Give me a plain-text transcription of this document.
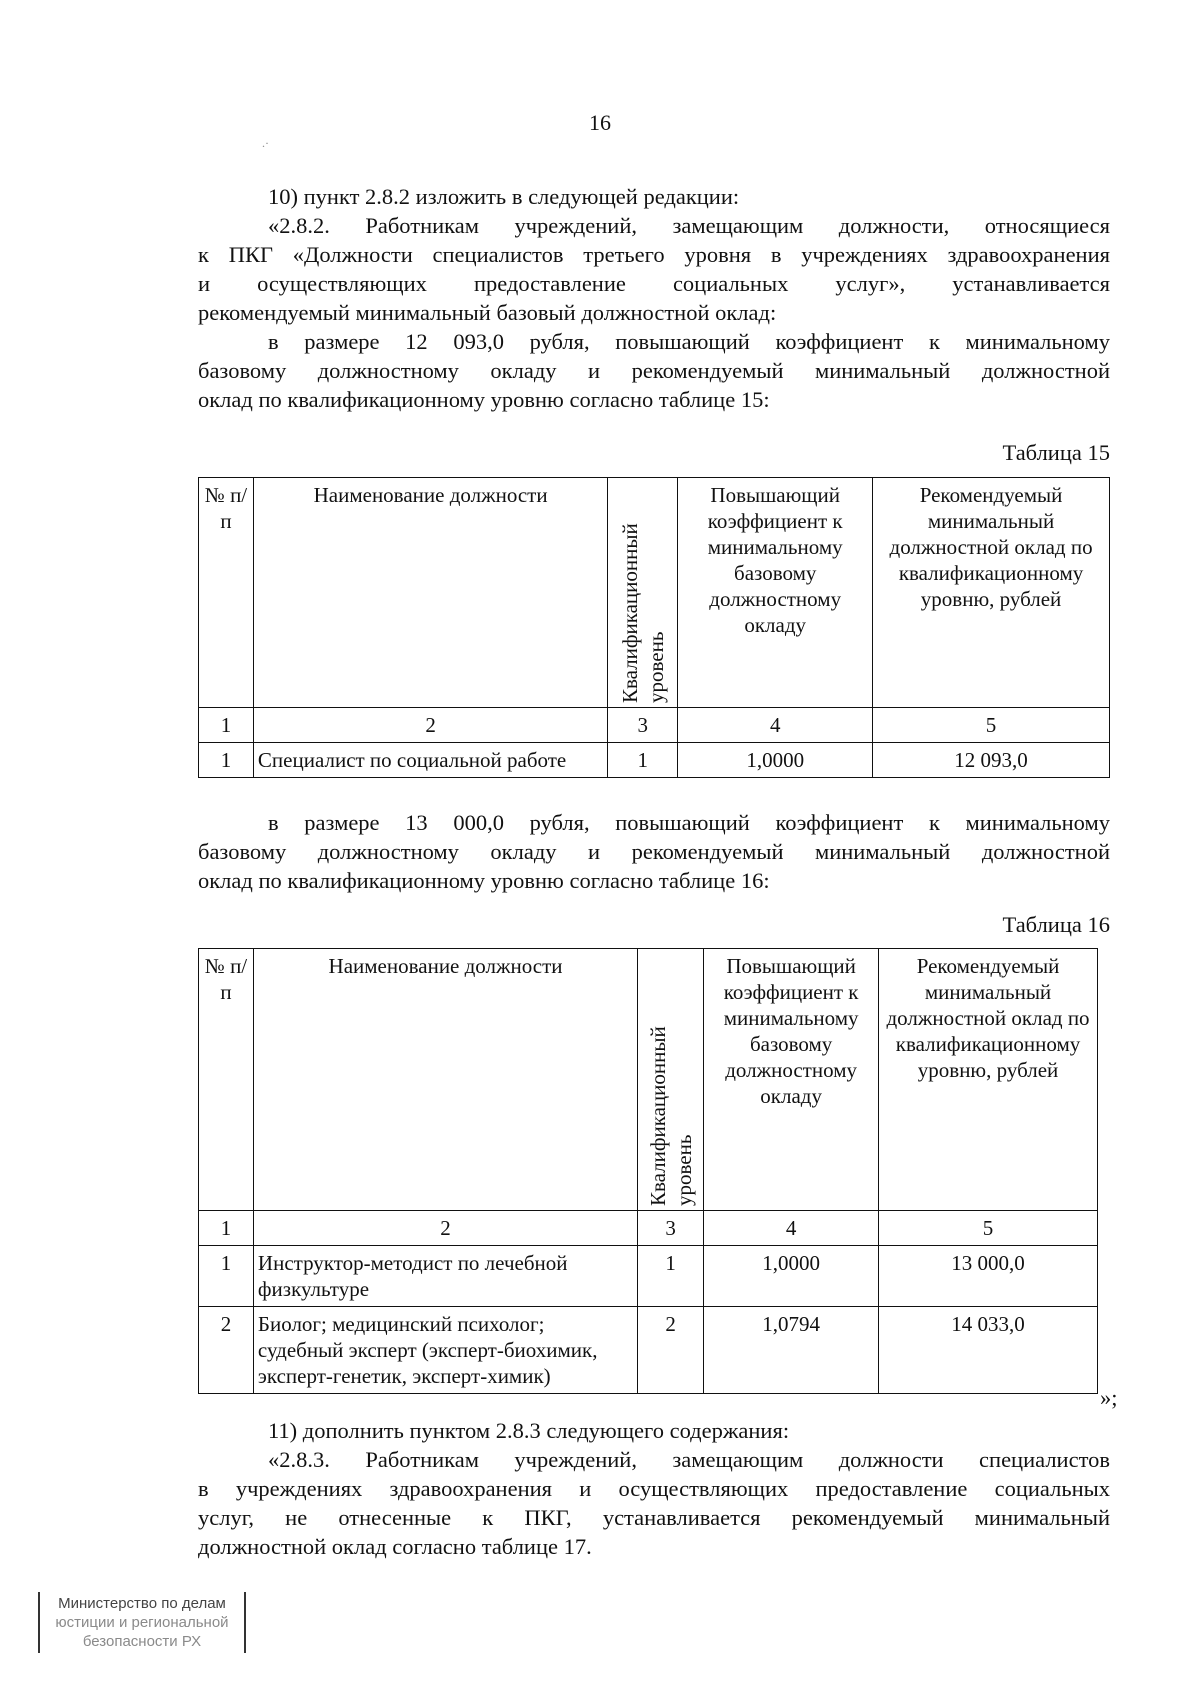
16
.·

10) пункт 2.8.2 изложить в следующей редакции:

«2.8.2. Работникам учреждений, замещающим должности, относящиеся

к ПКГ «Должности специалистов третьего уровня в учреждениях здравоохранения

и осуществляющих предоставление социальных услуг», устанавливается

рекомендуемый минимальный базовый должностной оклад:

в размере 12 093,0 рубля, повышающий коэффициент к минимальному

базовому должностному окладу и рекомендуемый минимальный должностной

оклад по квалификационному уровню согласно таблице 15:

Таблица 15
№ п/п	Наименование должности	Квалификационный уровень	Повышающий коэффициент к минимальному базовому должностному окладу	Рекомендуемый минимальный должностной оклад по квалификационному уровню, рублей
1	2	3	4	5
1	Специалист по социальной работе	1	1,0000	12 093,0

в размере 13 000,0 рубля, повышающий коэффициент к минимальному

базовому должностному окладу и рекомендуемый минимальный должностной

оклад по квалификационному уровню согласно таблице 16:

Таблица 16
№ п/п	Наименование должности	Квалификационный уровень	Повышающий коэффициент к минимальному базовому должностному окладу	Рекомендуемый минимальный должностной оклад по квалификационному уровню, рублей
1	2	3	4	5
1	Инструктор-методист по лечебной физкультуре	1	1,0000	13 000,0
2	Биолог; медицинский психолог; судебный эксперт (эксперт-биохимик, эксперт-генетик, эксперт-химик)	2	1,0794	14 033,0
»;

11) дополнить пунктом 2.8.3 следующего содержания:

«2.8.3. Работникам учреждений, замещающим должности специалистов

в учреждениях здравоохранения и осуществляющих предоставление социальных

услуг, не отнесенные к ПКГ, устанавливается рекомендуемый минимальный

должностной оклад согласно таблице 17.

Министерство по делам
юстиции и региональной
безопасности РХ
